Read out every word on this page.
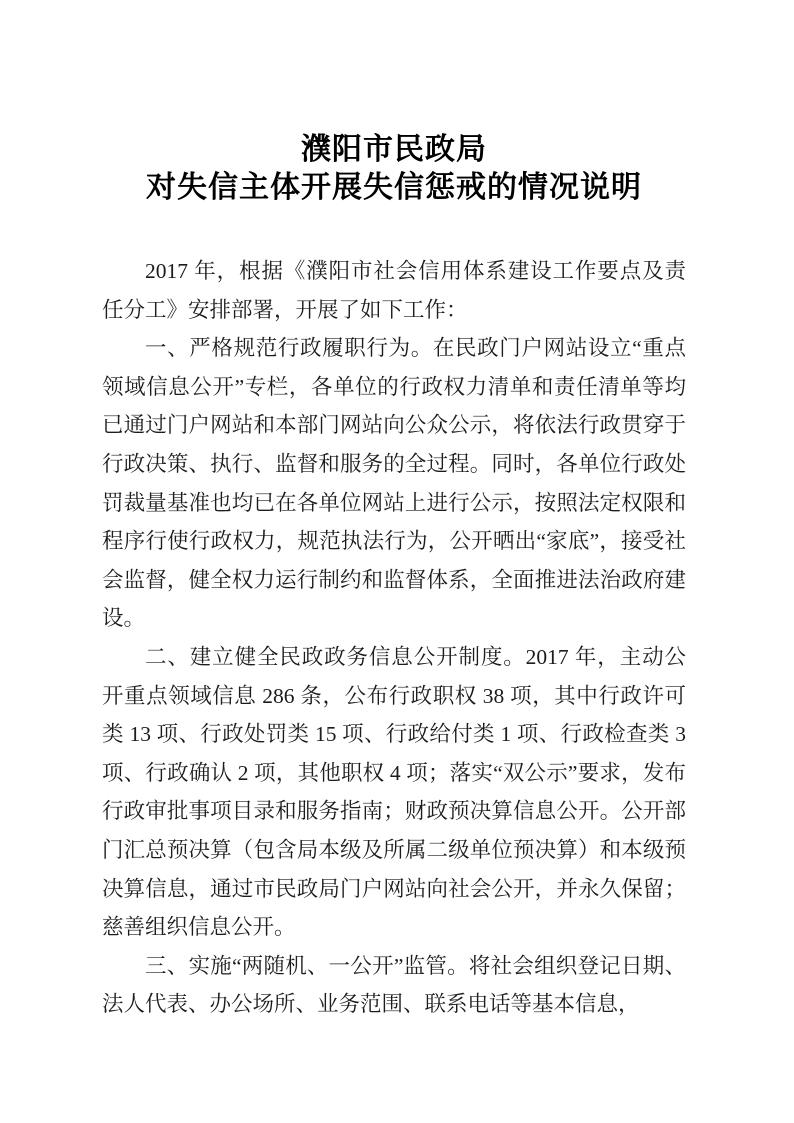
濮阳市民政局
对失信主体开展失信惩戒的情况说明

2017 年，根据《濮阳市社会信用体系建设工作要点及责任分工》安排部署，开展了如下工作：

一、严格规范行政履职行为。在民政门户网站设立“重点领域信息公开”专栏，各单位的行政权力清单和责任清单等均已通过门户网站和本部门网站向公众公示，将依法行政贯穿于行政决策、执行、监督和服务的全过程。同时，各单位行政处罚裁量基准也均已在各单位网站上进行公示，按照法定权限和程序行使行政权力，规范执法行为，公开晒出“家底”，接受社会监督，健全权力运行制约和监督体系，全面推进法治政府建设。

二、建立健全民政政务信息公开制度。2017 年，主动公开重点领域信息 286 条，公布行政职权 38 项，其中行政许可类 13 项、行政处罚类 15 项、行政给付类 1 项、行政检查类 3 项、行政确认 2 项，其他职权 4 项；落实“双公示”要求，发布行政审批事项目录和服务指南；财政预决算信息公开。公开部门汇总预决算（包含局本级及所属二级单位预决算）和本级预决算信息，通过市民政局门户网站向社会公开，并永久保留；慈善组织信息公开。

三、实施“两随机、一公开”监管。将社会组织登记日期、法人代表、办公场所、业务范围、联系电话等基本信息，
